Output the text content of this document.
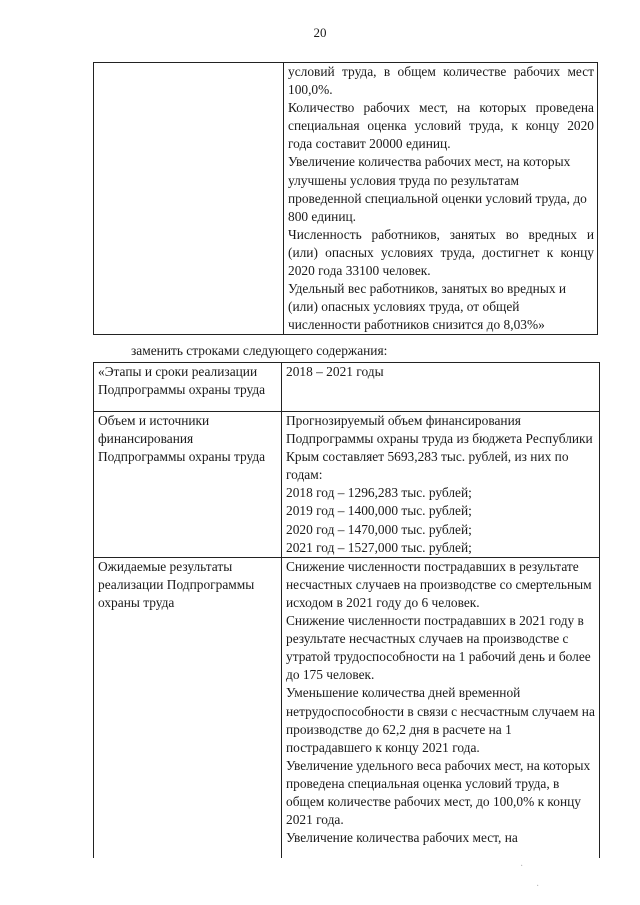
20

условий труда, в общем количестве рабочих мест 100,0%.
Количество рабочих мест, на которых проведена специальная оценка условий труда, к концу 2020 года составит 20000 единиц.
Увеличение количества рабочих мест, на которых улучшены условия труда по результатам проведенной специальной оценки условий труда, до 800 единиц.
Численность работников, занятых во вредных и (или) опасных условиях труда, достигнет к концу 2020 года 33100 человек.
Удельный вес работников, занятых во вредных и (или) опасных условиях труда, от общей численности работников снизится до 8,03%»
заменить строками следующего содержания:
«Этапы и сроки реализации Подпрограммы охраны труда	2018 – 2021 годы
Объем и источники финансирования Подпрограммы охраны труда	Прогнозируемый объем финансирования Подпрограммы охраны труда из бюджета Республики Крым составляет 5693,283 тыс. рублей, из них по годам:
2018 год – 1296,283 тыс. рублей;
2019 год – 1400,000 тыс. рублей;
2020 год – 1470,000 тыс. рублей;
2021 год – 1527,000 тыс. рублей;

Ожидаемые результаты реализации Подпрограммы охраны труда	Снижение численности пострадавших в результате несчастных случаев на производстве со смертельным исходом в 2021 году до 6 человек.
Снижение численности пострадавших в 2021 году в результате несчастных случаев на производстве с утратой трудоспособности на 1 рабочий день и более до 175 человек.
Уменьшение количества дней временной нетрудоспособности в связи с несчастным случаем на производстве до 62,2 дня в расчете на 1 пострадавшего к концу 2021 года.
Увеличение удельного веса рабочих мест, на которых проведена специальная оценка условий труда, в общем количестве рабочих мест, до 100,0% к концу 2021 года.
Увеличение количества рабочих мест, на
·
·
